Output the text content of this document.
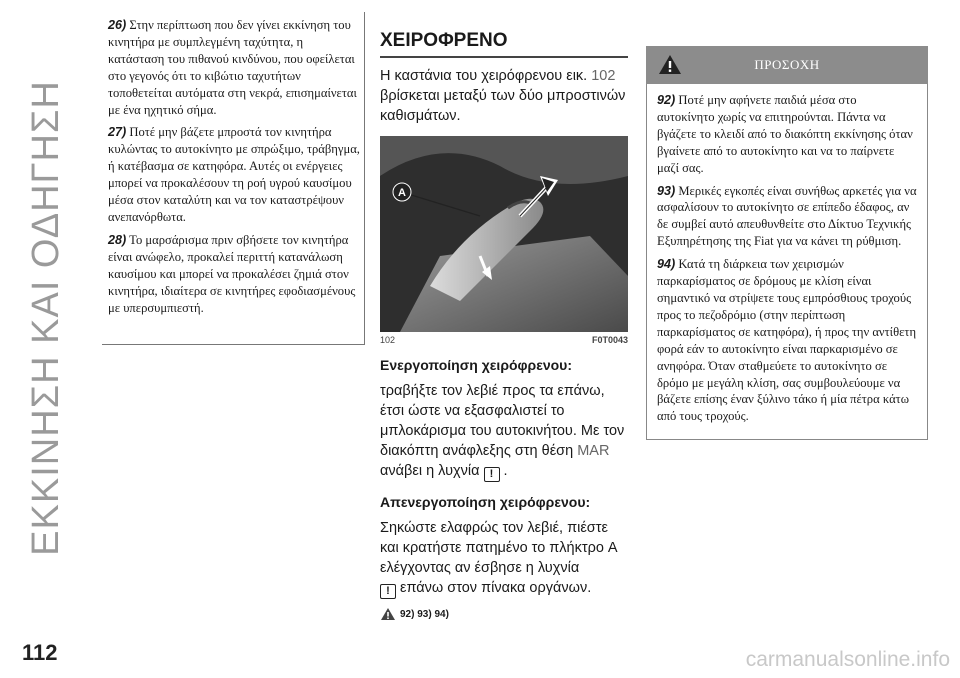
ΕΚΚΙΝΗΣΗ ΚΑΙ ΟΔΗΓΗΣΗ

26) Στην περίπτωση που δεν γίνει εκκίνηση του κινητήρα με συμπλεγμένη ταχύτητα, η κατάσταση του πιθανού κινδύνου, που οφείλεται στο γεγονός ότι το κιβώτιο ταχυτήτων τοποθετείται αυτόματα στη νεκρά, επισημαίνεται με ένα ηχητικό σήμα.

27) Ποτέ μην βάζετε μπροστά τον κινητήρα κυλώντας το αυτοκίνητο με σπρώξιμο, τράβηγμα, ή κατέβασμα σε κατηφόρα. Αυτές οι ενέργειες μπορεί να προκαλέσουν τη ροή υγρού καυσίμου μέσα στον καταλύτη και να τον καταστρέψουν ανεπανόρθωτα.

28) Το μαρσάρισμα πριν σβήσετε τον κινητήρα είναι ανώφελο, προκαλεί περιττή κατανάλωση καυσίμου και μπορεί να προκαλέσει ζημιά στον κινητήρα, ιδιαίτερα σε κινητήρες εφοδιασμένους με υπερσυμπιεστή.

ΧΕΙΡΟΦΡΕΝΟ

Η καστάνια του χειρόφρενου εικ. 102 βρίσκεται μεταξύ των δύο μπροστινών καθισμάτων.

A
102	F0T0043
Ενεργοποίηση χειρόφρενου:

τραβήξτε τον λεβιέ προς τα επάνω, έτσι ώστε να εξασφαλιστεί το μπλοκάρισμα του αυτοκινήτου. Με τον διακόπτη ανάφλεξης στη θέση MAR ανάβει η λυχνία ! .

Απενεργοποίηση χειρόφρενου:

Σηκώστε ελαφρώς τον λεβιέ, πιέστε και κρατήστε πατημένο το πλήκτρο A ελέγχοντας αν έσβησε η λυχνία
! επάνω στον πίνακα οργάνων.

92) 93) 94)
ΠΡΟΣΟΧΗ

92) Ποτέ μην αφήνετε παιδιά μέσα στο αυτοκίνητο χωρίς να επιτηρούνται. Πάντα να βγάζετε το κλειδί από το διακόπτη εκκίνησης όταν βγαίνετε από το αυτοκίνητο και να το παίρνετε μαζί σας.

93) Μερικές εγκοπές είναι συνήθως αρκετές για να ασφαλίσουν το αυτοκίνητο σε επίπεδο έδαφος, αν δε συμβεί αυτό απευθυνθείτε στο Δίκτυο Τεχνικής Εξυπηρέτησης της Fiat για να κάνει τη ρύθμιση.

94) Κατά τη διάρκεια των χειρισμών παρκαρίσματος σε δρόμους με κλίση είναι σημαντικό να στρίψετε τους εμπρόσθιους τροχούς προς το πεζοδρόμιο (στην περίπτωση παρκαρίσματος σε κατηφόρα), ή προς την αντίθετη φορά εάν το αυτοκίνητο είναι παρκαρισμένο σε ανηφόρα. Όταν σταθμεύετε το αυτοκίνητο σε δρόμο με μεγάλη κλίση, σας συμβουλεύουμε να βάζετε επίσης έναν ξύλινο τάκο ή μία πέτρα κάτω από τους τροχούς.

112	carmanualsonline.info
